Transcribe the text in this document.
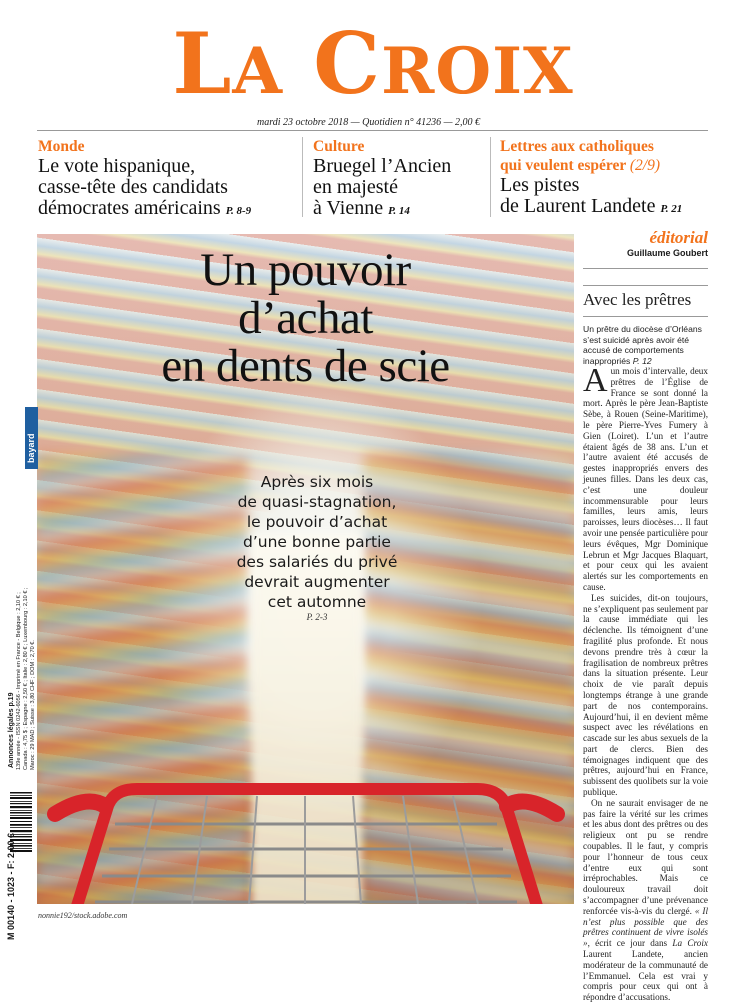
LA CROIX
mardi 23 octobre 2018 — Quotidien n° 41236 — 2,00 €
Monde
Le vote hispanique,
casse-tête des candidats
démocrates américains P. 8-9
Culture
Bruegel l’Ancien
en majesté
à Vienne P. 14
Lettres aux catholiques
qui veulent espérer (2/9)
Les pistes
de Laurent Landete P. 21
Un pouvoir
d’achat
en dents de scie
Après six mois
de quasi-stagnation,
le pouvoir d’achat
d’une bonne partie
des salariés du privé
devrait augmenter
cet automne
P. 2-3
nonnie192/stock.adobe.com
bayard
Annonces légales p.19 139e année - ISSN 0242-6056 - Imprimé en France - Belgique : 2,10 € ; Canada : 4,75 $ ; Espagne : 2,50 € ; Italie : 2,80 € ; Luxembourg : 2,10 € ; Maroc : 29 MAD ; Suisse : 3,80 CHF ; DOM : 2,70 €.
M 00140 - 1023 - F: 2,00 €
éditorial
Guillaume Goubert
Avec les prêtres
Un prêtre du diocèse d’Orléans s’est suicidé après avoir été accusé de comportements inappropriés P. 12

Aun mois d’intervalle, deux prêtres de l’Église de France se sont donné la mort. Après le père Jean-Baptiste Sèbe, à Rouen (Seine-Maritime), le père Pierre-Yves Fumery à Gien (Loiret). L’un et l’autre étaient âgés de 38 ans. L’un et l’autre avaient été accusés de gestes inappropriés envers des jeunes filles. Dans les deux cas, c’est une douleur incommensurable pour leurs familles, leurs amis, leurs paroisses, leurs diocèses… Il faut avoir une pensée particulière pour leurs évêques, Mgr Dominique Lebrun et Mgr Jacques Blaquart, et pour ceux qui les avaient alertés sur les comportements en cause.

Les suicides, dit-on toujours, ne s’expliquent pas seulement par la cause immédiate qui les déclenche. Ils témoignent d’une fragilité plus profonde. Et nous devons prendre très à cœur la fragilisation de nombreux prêtres dans la situation présente. Leur choix de vie paraît depuis longtemps étrange à une grande part de nos contemporains. Aujourd’hui, il en devient même suspect avec les révélations en cascade sur les abus sexuels de la part de clercs. Bien des témoignages indiquent que des prêtres, aujourd’hui en France, subissent des quolibets sur la voie publique.

On ne saurait envisager de ne pas faire la vérité sur les crimes et les abus dont des prêtres ou des religieux ont pu se rendre coupables. Il le faut, y compris pour l’honneur de tous ceux d’entre eux qui sont irréprochables. Mais ce douloureux travail doit s’accompagner d’une prévenance renforcée vis-à-vis du clergé. « Il n’est plus possible que des prêtres continuent de vivre isolés », écrit ce jour dans La Croix Laurent Landete, ancien modérateur de la communauté de l’Emmanuel. Cela est vrai y compris pour ceux qui ont à répondre d’accusations.
